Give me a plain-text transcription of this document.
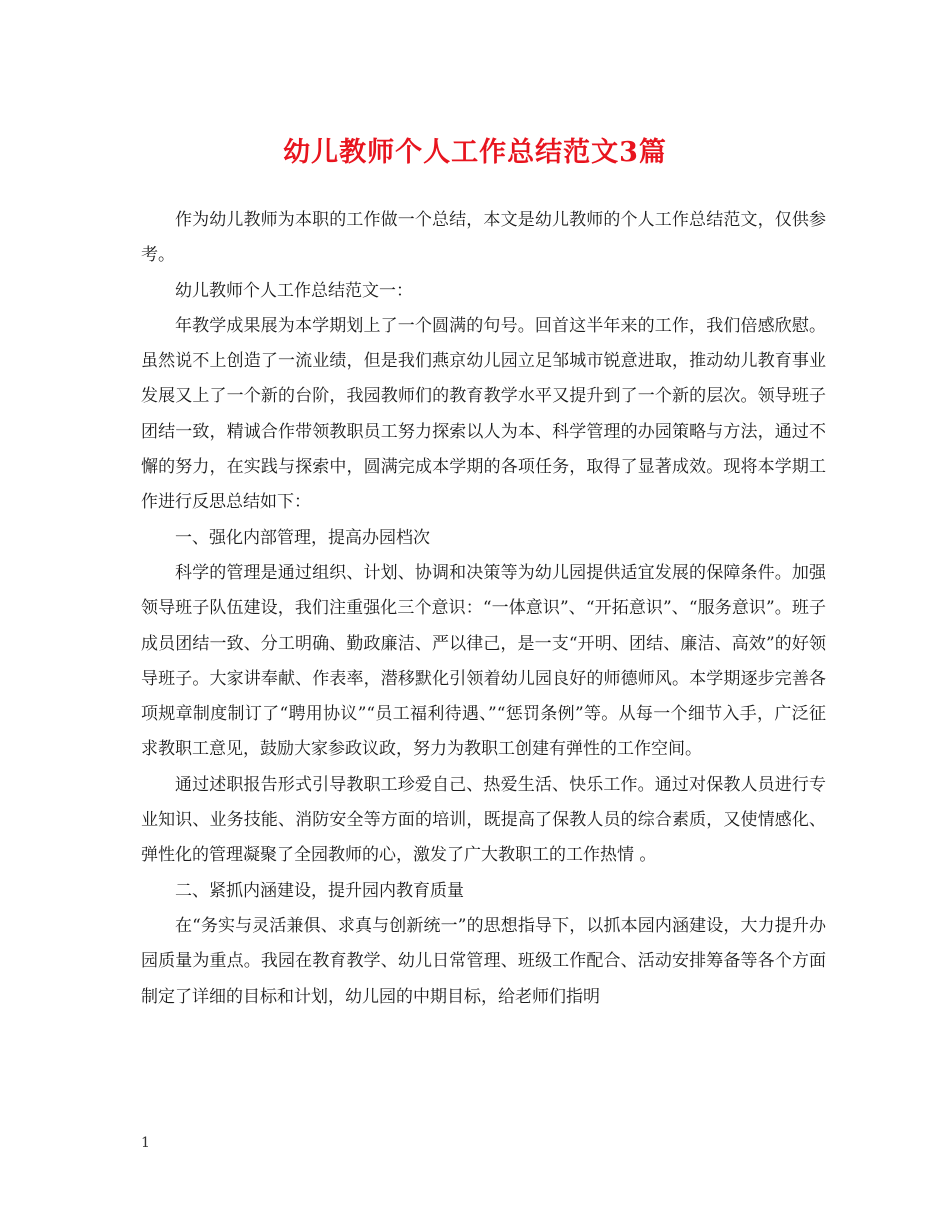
幼儿教师个人工作总结范文3篇

作为幼儿教师为本职的工作做一个总结，本文是幼儿教师的个人工作总结范文，仅供参考。

幼儿教师个人工作总结范文一：

年教学成果展为本学期划上了一个圆满的句号。回首这半年来的工作，我们倍感欣慰。虽然说不上创造了一流业绩，但是我们燕京幼儿园立足邹城市锐意进取，推动幼儿教育事业发展又上了一个新的台阶，我园教师们的教育教学水平又提升到了一个新的层次。领导班子团结一致，精诚合作带领教职员工努力探索以人为本、科学管理的办园策略与方法，通过不懈的努力，在实践与探索中，圆满完成本学期的各项任务，取得了显著成效。现将本学期工作进行反思总结如下：

一、强化内部管理，提高办园档次

科学的管理是通过组织、计划、协调和决策等为幼儿园提供适宜发展的保障条件。加强领导班子队伍建设，我们注重强化三个意识：“一体意识”、“开拓意识”、“服务意识”。班子成员团结一致、分工明确、勤政廉洁、严以律己，是一支“开明、团结、廉洁、高效”的好领导班子。大家讲奉献、作表率，潜移默化引领着幼儿园良好的师德师风。本学期逐步完善各项规章制度制订了“聘用协议”“员工福利待遇、”“惩罚条例”等。从每一个细节入手，广泛征求教职工意见，鼓励大家参政议政，努力为教职工创建有弹性的工作空间。

通过述职报告形式引导教职工珍爱自己、热爱生活、快乐工作。通过对保教人员进行专业知识、业务技能、消防安全等方面的培训，既提高了保教人员的综合素质，又使情感化、弹性化的管理凝聚了全园教师的心，激发了广大教职工的工作热情 。

二、紧抓内涵建设，提升园内教育质量

在“务实与灵活兼俱、求真与创新统一”的思想指导下，以抓本园内涵建设，大力提升办园质量为重点。我园在教育教学、幼儿日常管理、班级工作配合、活动安排筹备等各个方面制定了详细的目标和计划，幼儿园的中期目标，给老师们指明

1
